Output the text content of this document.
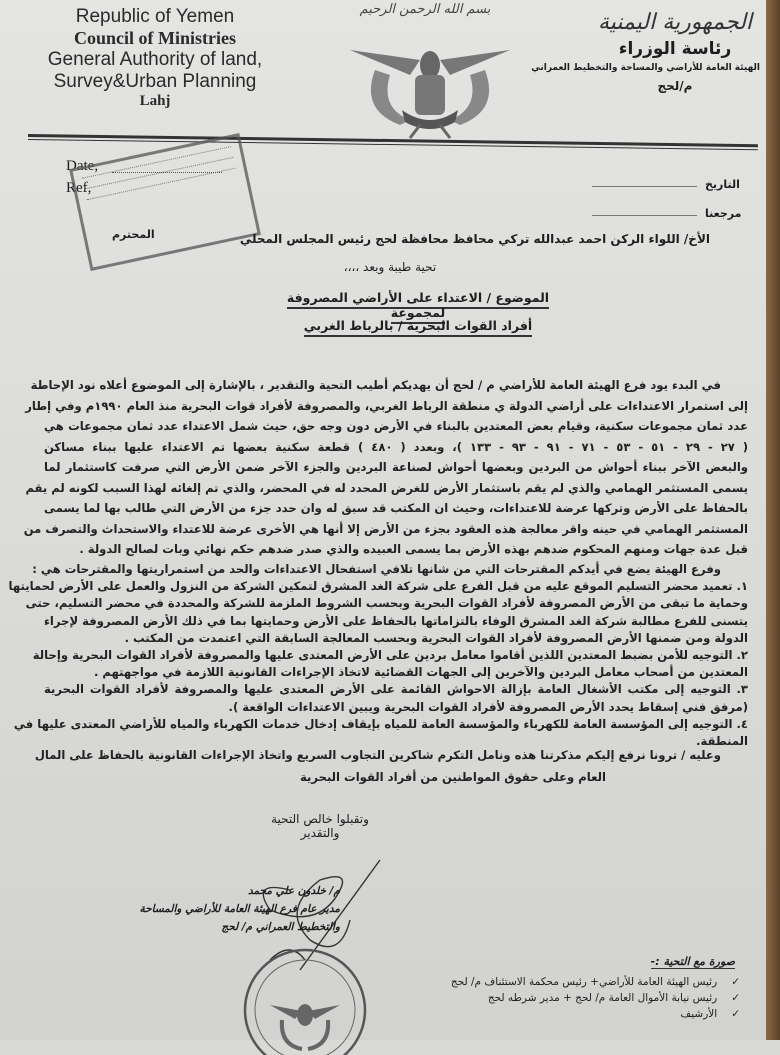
Republic of Yemen
Council of Ministries
General Authority of land,
Survey&Urban Planning
Lahj
بسم الله الرحمن الرحيم
الجمهورية اليمنية
رئاسة الوزراء
الهيئة العامة للأراضي والمساحة والتخطيط العمراني
م/لحج
Date,
Ref,	التاريخ
مرجعنا
المحترم	الأخ/ اللواء الركن احمد عبدالله تركي محافظ محافظة لحج رئيس المجلس المحلي
تحية طيبة وبعد ،،،،
الموضوع / الاعتداء على الأراضي المصروفة لمجموعة
أفراد القوات البحرية / بالرباط الغربي
في البدء يود فرع الهيئة العامة للأراضي م / لحج أن يهديكم أطيب التحية والتقدير ، بالإشارة إلى الموضوع أعلاه نود الإحاطة
إلى استمرار الاعتداءات على أراضي الدولة ي منطقة الرباط الغربي، والمصروفة لأفراد قوات البحرية منذ العام ١٩٩٠م وفي إطار
عدد ثمان مجموعات سكنية، وقيام بعض المعتدين بالبناء في الأرض دون وجه حق، حيث شمل الاعتداء عدد ثمان مجموعات هي
( ٢٧ - ٢٩ - ٥١ - ٥٣ - ٧١ - ٩١ - ٩٣ - ١٣٣ )، وبعدد ( ٤٨٠ ) قطعة سكنية بعضها تم الاعتداء عليها ببناء مساكن
والبعض الآخر ببناء أحواش من البردين وبعضها أحواش لصناعة البردين والجزء الآخر ضمن الأرض التي صرفت كاستثمار لما
يسمى المستثمر الهمامي والذي لم يقم باستثمار الأرض للغرض المحدد له في المحضر، والذي تم إلغائه لهذا السبب لكونه لم يقم
بالحفاظ على الأرض وتركها عرضة للاعتداءات، وحيث ان المكتب قد سبق له وان حدد جزء من الأرض التي طالب بها لما يسمى
المستثمر الهمامي في حينه واقر معالجة هذه العقود بجزء من الأرض إلا أنها هي الأخرى عرضة للاعتداء والاستحداث والتصرف من
قبل عدة جهات ومنهم المحكوم ضدهم بهذه الأرض بما يسمى العبيده والذي صدر ضدهم حكم نهائي وبات لصالح الدولة .
وفرع الهيئة يضع في أيدكم المقترحات التي من شانها تلافي استفحال الاعتداءات والحد من استمراريتها والمقترحات هي :
١. تعميد محضر التسليم الموقع عليه من قبل الفرع على شركة الغد المشرق لتمكين الشركة من النزول والعمل على الأرض لحمايتها
وحماية ما تبقى من الأرض المصروفة لأفراد القوات البحرية وبحسب الشروط الملزمة للشركة والمحددة في محضر التسليم، حتى
يتسنى للفرع مطالبة شركة الغد المشرق الوفاء بالتزاماتها بالحفاظ على الأرض وحمايتها بما في ذلك الأرض المصروفة لإجراء
الدولة ومن ضمنها الأرض المصروفة لأفراد القوات البحرية وبحسب المعالجة السابقة التي اعتمدت من المكتب .
٢. التوجيه للأمن بضبط المعتدين اللذين أقاموا معامل بردين على الأرض المعتدى عليها والمصروفة لأفراد القوات البحرية وإحالة
المعتدين من أصحاب معامل البردين والآخرين إلى الجهات القضائية لاتخاذ الإجراءات القانونية اللازمة في مواجهتهم .
٣. التوجيه إلى مكتب الأشغال العامة بإزالة الاحواش القائمة على الأرض المعتدى عليها والمصروفة لأفراد القوات البحرية
(مرفق فني إسقاط يحدد الأرض المصروفة لأفراد القوات البحرية ويبين الاعتداءات الواقعة ).
٤. التوجيه إلى المؤسسة العامة للكهرباء والمؤسسة العامة للمياه بإيقاف إدخال خدمات الكهرباء والمياه للأراضي المعتدى عليها في
المنطقة.
وعليه / ترونا نرفع إليكم مذكرتنا هذه ونامل التكرم شاكرين التجاوب السريع واتخاذ الإجراءات القانونية بالحفاظ على المال
العام وعلى حقوق المواطنين من أفراد القوات البحرية
وتقبلوا خالص التحية والتقدير
م/ خلدون علي محمد
مدير عام فرع الهيئة العامة للأراضي والمساحة
والتخطيط العمراني م/ لحج
صورة مع التحية :-
✓رئيس الهيئة العامة للأراضي+ رئيس محكمة الاستئناف م/ لحج
✓رئيس نيابة الأموال العامة م/ لحج + مدير شرطه لحج
✓الأرشيف
